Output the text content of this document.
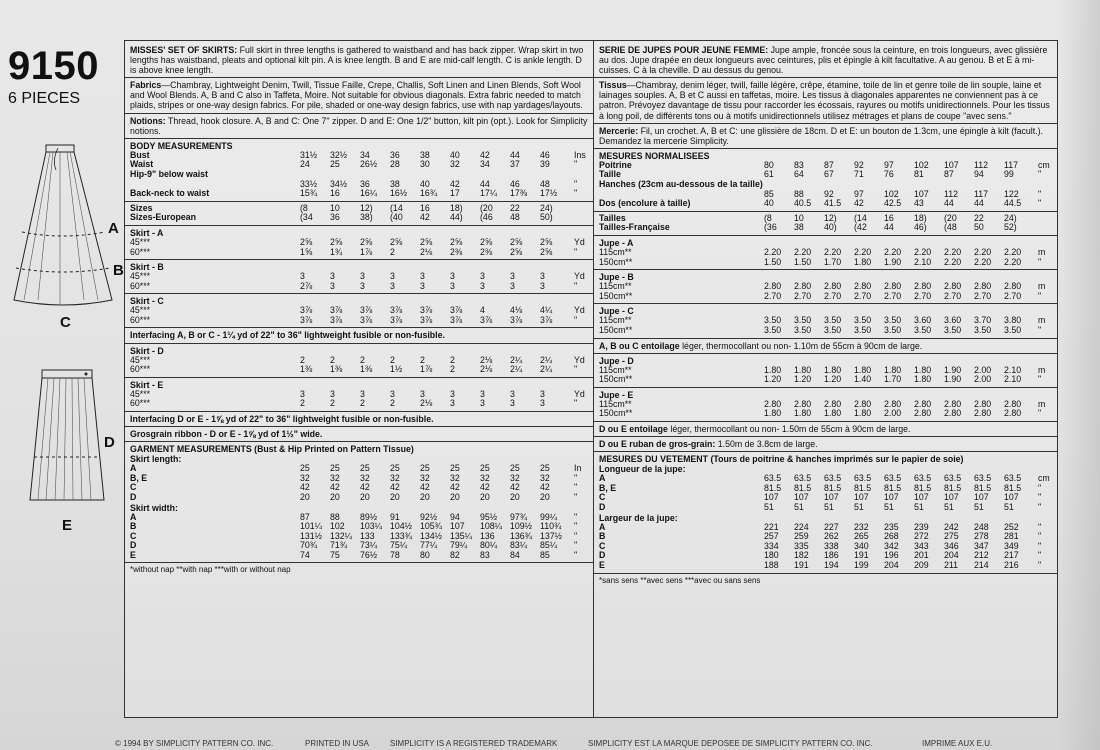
9150
6 PIECES
A
B
C
D
E

MISSES' SET OF SKIRTS: Full skirt in three lengths is gathered to waistband and has back zipper. Wrap skirt in two lengths has waistband, pleats and optional kilt pin. A is knee length. B and E are mid-calf length. C is ankle length. D is above knee length.

Fabrics—Chambray, Lightweight Denim, Twill, Tissue Faille, Crepe, Challis, Soft Linen and Linen Blends, Soft Wool and Wool Blends. A, B and C also in Taffeta, Moire. Not suitable for obvious diagonals. Extra fabric needed to match plaids, stripes or one-way design fabrics. For pile, shaded or one-way design fabrics, use with nap yardages/layouts.

Notions: Thread, hook closure. A, B and C: One 7" zipper. D and E: One 1/2" button, kilt pin (opt.). Look for Simplicity notions.

BODY MEASUREMENTS
Bust	31½	32½	34	36	38	40	42	44	46	Ins
Waist	24	25	26½	28	30	32	34	37	39	"
Hip-9" below waist										
	33½	34½	36	38	40	42	44	46	48	"
Back-neck to waist	15¾	16	16¼	16½	16¾	17	17¼	17⅜	17½	"
Sizes	(8	10	12)	(14	16	18)	(20	22	24)	
Sizes-European	(34	36	38)	(40	42	44)	(46	48	50)	
Skirt - A
45***	2⅝	2⅝	2⅝	2⅝	2⅝	2⅝	2⅝	2⅝	2⅝	Yd
60***	1⅝	1¾	1⅞	2	2⅛	2⅜	2⅜	2⅝	2⅝	"
Skirt - B
45***	3	3	3	3	3	3	3	3	3	Yd
60***	2⅞	3	3	3	3	3	3	3	3	"
Skirt - C
45***	3⅞	3⅞	3⅞	3⅞	3⅞	3⅞	4	4⅛	4¼	Yd
60***	3⅞	3⅞	3⅞	3⅞	3⅞	3⅞	3⅞	3⅞	3⅞	"

Interfacing A, B or C - 1¼ yd of 22" to 36" lightweight fusible or non-fusible.

Skirt - D
45***	2	2	2	2	2	2	2⅛	2¼	2¼	Yd
60***	1⅜	1⅜	1⅜	1½	1⅞	2	2⅛	2¼	2¼	"
Skirt - E
45***	3	3	3	3	3	3	3	3	3	Yd
60***	2	2	2	2	2⅛	3	3	3	3	"

Interfacing D or E - 1⅝ yd of 22" to 36" lightweight fusible or non-fusible.

Grosgrain ribbon - D or E - 1⅝ yd of 1½" wide.

GARMENT MEASUREMENTS (Bust & Hip Printed on Pattern Tissue)
Skirt length:
A	25	25	25	25	25	25	25	25	25	In
B, E	32	32	32	32	32	32	32	32	32	"
C	42	42	42	42	42	42	42	42	42	"
D	20	20	20	20	20	20	20	20	20	"
Skirt width:
A	87	88	89½	91	92½	94	95½	97¾	99¼	"
B	101¼	102	103¼	104½	105¾	107	108¼	109½	110¾	"
C	131½	132¼	133	133¾	134½	135¼	136	136¾	137½	"
D	70¾	71¾	73¼	75¼	77¼	79¼	80¼	83¼	85¼	"
E	74	75	76½	78	80	82	83	84	85	"
*without nap **with nap ***with or without nap

SERIE DE JUPES POUR JEUNE FEMME: Jupe ample, froncée sous la ceinture, en trois longueurs, avec glissière au dos. Jupe drapée en deux longueurs avec ceintures, plis et épingle à kilt facultative. A au genou. B et E à mi-cuisses. C à la cheville. D au dessus du genou.

Tissus—Chambray, denim léger, twill, faille légère, crêpe, étamine, toile de lin et genre toile de lin souple, laine et lainages souples. A, B et C aussi en taffetas, moire. Les tissus à diagonales apparentes ne conviennent pas à ce patron. Prévoyez davantage de tissu pour raccorder les écossais, rayures ou motifs unidirectionnels. Pour les tissus à long poil, de différents tons ou à motifs unidirectionnels utilisez métrages et plans de coupe "avec sens."

Mercerie: Fil, un crochet. A, B et C: une glissière de 18cm. D et E: un bouton de 1.3cm, une épingle à kilt (facult.). Demandez la mercerie Simplicity.

MESURES NORMALISEES
Poitrine	80	83	87	92	97	102	107	112	117	cm
Taille	61	64	67	71	76	81	87	94	99	"
Hanches (23cm au-dessous de la taille)										
	85	88	92	97	102	107	112	117	122	"
Dos (encolure à taille)	40	40.5	41.5	42	42.5	43	44	44	44.5	"
Tailles	(8	10	12)	(14	16	18)	(20	22	24)	
Tailles-Française	(36	38	40)	(42	44	46)	(48	50	52)	
Jupe - A
115cm**	2.20	2.20	2.20	2.20	2.20	2.20	2.20	2.20	2.20	m
150cm**	1.50	1.50	1.70	1.80	1.90	2.10	2.20	2.20	2.20	"
Jupe - B
115cm**	2.80	2.80	2.80	2.80	2.80	2.80	2.80	2.80	2.80	m
150cm**	2.70	2.70	2.70	2.70	2.70	2.70	2.70	2.70	2.70	"
Jupe - C
115cm**	3.50	3.50	3.50	3.50	3.50	3.60	3.60	3.70	3.80	m
150cm**	3.50	3.50	3.50	3.50	3.50	3.50	3.50	3.50	3.50	"

A, B ou C entoilage léger, thermocollant ou non- 1.10m de 55cm à 90cm de large.

Jupe - D
115cm**	1.80	1.80	1.80	1.80	1.80	1.80	1.90	2.00	2.10	m
150cm**	1.20	1.20	1.20	1.40	1.70	1.80	1.90	2.00	2.10	"
Jupe - E
115cm**	2.80	2.80	2.80	2.80	2.80	2.80	2.80	2.80	2.80	m
150cm**	1.80	1.80	1.80	1.80	2.00	2.80	2.80	2.80	2.80	"

D ou E entoilage léger, thermocollant ou non- 1.50m de 55cm à 90cm de large.

D ou E ruban de gros-grain: 1.50m de 3.8cm de large.

MESURES DU VETEMENT (Tours de poitrine & hanches imprimés sur le papier de soie)
Longueur de la jupe:
A	63.5	63.5	63.5	63.5	63.5	63.5	63.5	63.5	63.5	cm
B, E	81.5	81.5	81.5	81.5	81.5	81.5	81.5	81.5	81.5	"
C	107	107	107	107	107	107	107	107	107	"
D	51	51	51	51	51	51	51	51	51	"
Largeur de la jupe:
A	221	224	227	232	235	239	242	248	252	"
B	257	259	262	265	268	272	275	278	281	"
C	334	335	338	340	342	343	346	347	349	"
D	180	182	186	191	196	201	204	212	217	"
E	188	191	194	199	204	209	211	214	216	"
*sans sens **avec sens ***avec ou sans sens
© 1994 BY SIMPLICITY PATTERN CO. INC.	PRINTED IN USA	SIMPLICITY IS A REGISTERED TRADEMARK	SIMPLICITY EST LA MARQUE DEPOSEE DE SIMPLICITY PATTERN CO. INC.	IMPRIME AUX E.U.
